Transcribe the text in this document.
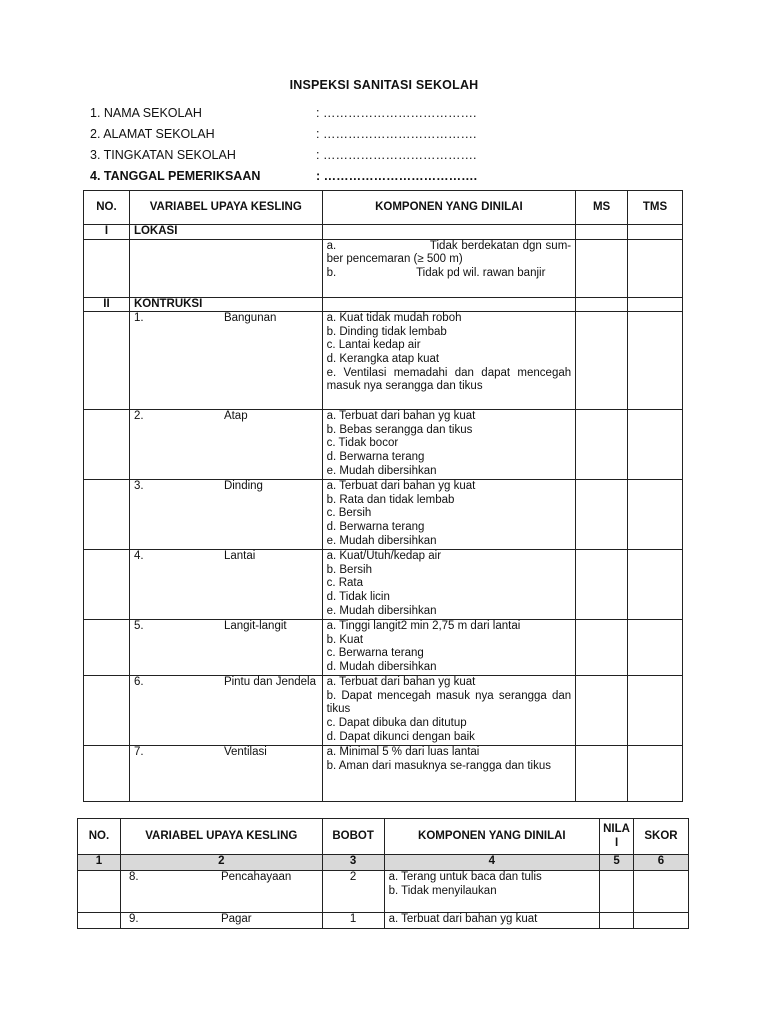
INSPEKSI SANITASI SEKOLAH
1. NAMA SEKOLAH	: ……………………………….
2. ALAMAT SEKOLAH	: ……………………………….
3. TINGKATAN SEKOLAH	: ……………………………….
4. TANGGAL PEMERIKSAAN	: ……………………………….
NO.	VARIABEL UPAYA KESLING	KOMPONEN YANG DINILAI	MS	TMS
I	LOKASI			

		a. Tidak berdekatan dgn sum-ber pencemaran (≥ 500 m)
b. Tidak pd wil. rawan banjir		

II	KONTRUKSI			
	1. Bangunan	a. Kuat tidak mudah roboh
b. Dinding tidak lembab
c. Lantai kedap air
d. Kerangka atap kuat
e. Ventilasi memadahi dan dapat mencegah masuk nya serangga dan tikus		

	2. Atap	a. Terbuat dari bahan yg kuat
b. Bebas serangga dan tikus
c. Tidak bocor
d. Berwarna terang
e. Mudah dibersihkan		

	3. Dinding	a. Terbuat dari bahan yg kuat
b. Rata dan tidak lembab
c. Bersih
d. Berwarna terang
e. Mudah dibersihkan		

	4. Lantai	a. Kuat/Utuh/kedap air
b. Bersih
c. Rata
d. Tidak licin
e. Mudah dibersihkan		

	5. Langit-langit	a. Tinggi langit2 min 2,75 m dari lantai
b. Kuat
c. Berwarna terang
d. Mudah dibersihkan		

	6. Pintu dan Jendela	a. Terbuat dari bahan yg kuat
b. Dapat mencegah masuk nya serangga dan tikus
c. Dapat dibuka dan ditutup
d. Dapat dikunci dengan baik		

	7. Ventilasi	a. Minimal 5 % dari luas lantai
b. Aman dari masuknya se-rangga dan tikus		

NO.	VARIABEL UPAYA KESLING	BOBOT	KOMPONEN YANG DINILAI	NILAI	SKOR
1	2	3	4	5	6
	8. Pencahayaan	2	a. Terang untuk baca dan tulis
b. Tidak menyilaukan		

	9. Pagar	1	a. Terbuat dari bahan yg kuat		
